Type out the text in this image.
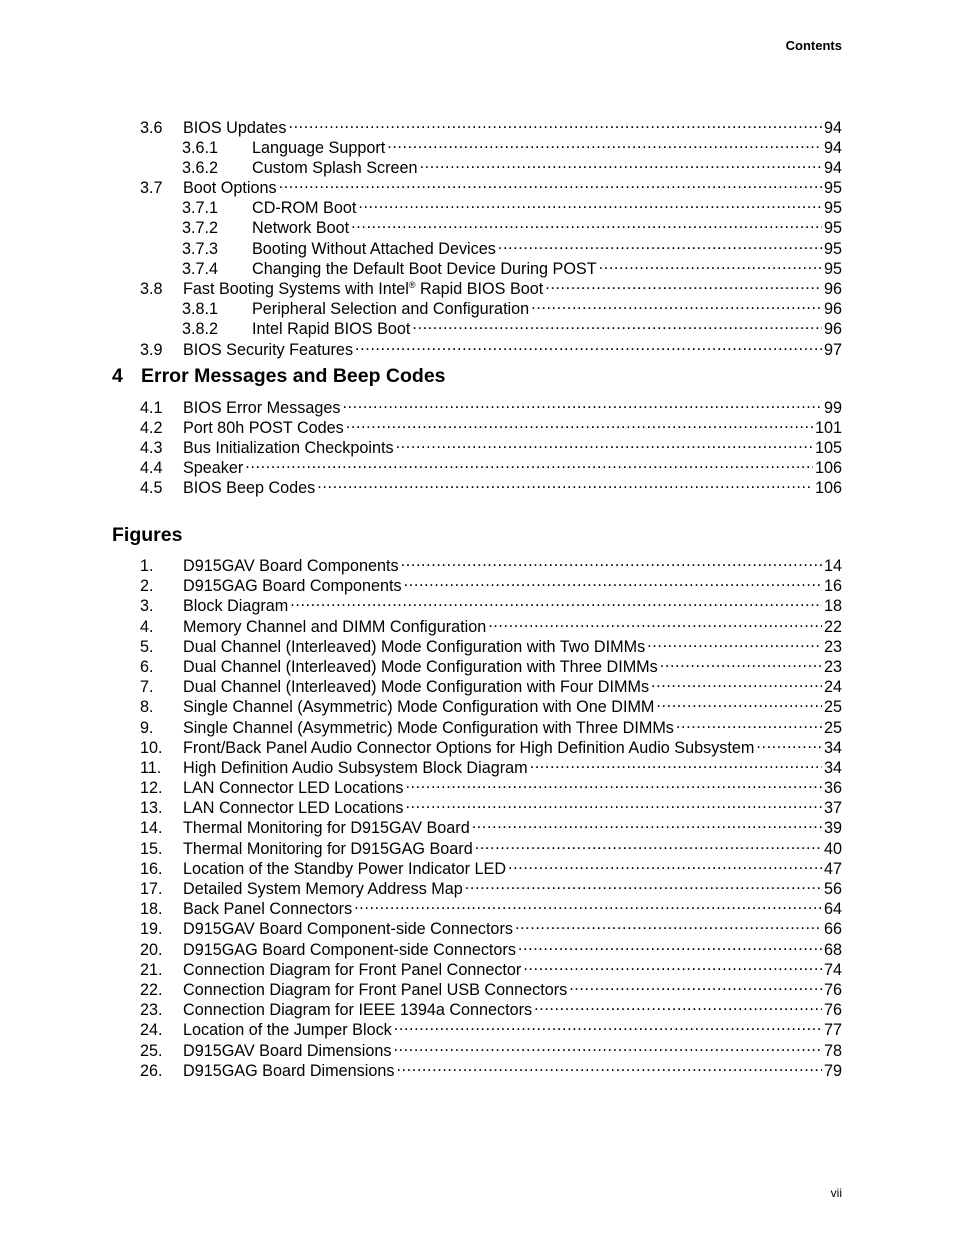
Contents
3.6	BIOS Updates .....	94
3.6.1	Language Support .....	94
3.6.2	Custom Splash Screen .....	94
3.7	Boot Options .....	95
3.7.1	CD-ROM Boot .....	95
3.7.2	Network Boot .....	95
3.7.3	Booting Without Attached Devices .....	95
3.7.4	Changing the Default Boot Device During POST .....	95
3.8	Fast Booting Systems with Intel® Rapid BIOS Boot .....	96
3.8.1	Peripheral Selection and Configuration .....	96
3.8.2	Intel Rapid BIOS Boot .....	96
3.9	BIOS Security Features .....	97
4 Error Messages and Beep Codes
4.1	BIOS Error Messages .....	99
4.2	Port 80h POST Codes .....	101
4.3	Bus Initialization Checkpoints .....	105
4.4	Speaker .....	106
4.5	BIOS Beep Codes .....	106
Figures
1.	D915GAV Board Components .....	14
2.	D915GAG Board Components .....	16
3.	Block Diagram .....	18
4.	Memory Channel and DIMM Configuration .....	22
5.	Dual Channel (Interleaved) Mode Configuration with Two DIMMs .....	23
6.	Dual Channel (Interleaved) Mode Configuration with Three DIMMs .....	23
7.	Dual Channel (Interleaved) Mode Configuration with Four DIMMs .....	24
8.	Single Channel (Asymmetric) Mode Configuration with One DIMM .....	25
9.	Single Channel (Asymmetric) Mode Configuration with Three DIMMs .....	25
10.	Front/Back Panel Audio Connector Options for High Definition Audio Subsystem .....	34
11.	High Definition Audio Subsystem Block Diagram .....	34
12.	LAN Connector LED Locations .....	36
13.	LAN Connector LED Locations .....	37
14.	Thermal Monitoring for D915GAV Board .....	39
15.	Thermal Monitoring for D915GAG Board .....	40
16.	Location of the Standby Power Indicator LED .....	47
17.	Detailed System Memory Address Map .....	56
18.	Back Panel Connectors .....	64
19.	D915GAV Board Component-side Connectors .....	66
20.	D915GAG Board Component-side Connectors .....	68
21.	Connection Diagram for Front Panel Connector .....	74
22.	Connection Diagram for Front Panel USB Connectors .....	76
23.	Connection Diagram for IEEE 1394a Connectors .....	76
24.	Location of the Jumper Block .....	77
25.	D915GAV Board Dimensions .....	78
26.	D915GAG Board Dimensions .....	79
vii
